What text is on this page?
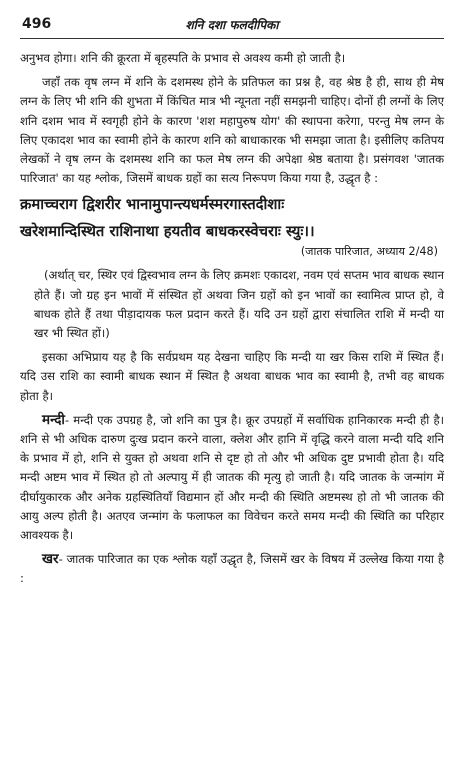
496	शनि दशा फलदीपिका

अनुभव होगा। शनि की क्रूरता में बृहस्पति के प्रभाव से अवश्य कमी हो जाती है।

जहाँ तक वृष लग्न में शनि के दशमस्थ होने के प्रतिफल का प्रश्न है, वह श्रेष्ठ है ही, साथ ही मेष लग्न के लिए भी शनि की शुभता में किंचित मात्र भी न्यूनता नहीं समझनी चाहिए। दोनों ही लग्नों के लिए शनि दशम भाव में स्वगृही होने के कारण 'शश महापुरुष योग' की स्थापना करेगा, परन्तु मेष लग्न के लिए एकादश भाव का स्वामी होने के कारण शनि को बाधाकारक भी समझा जाता है। इसीलिए कतिपय लेखकों ने वृष लग्न के दशमस्थ शनि का फल मेष लग्न की अपेक्षा श्रेष्ठ बताया है। प्रसंगवश 'जातक पारिजात' का यह श्लोक, जिसमें बाधक ग्रहों का सत्य निरूपण किया गया है, उद्धृत है :

क्रमाच्चराग द्विशरीर भानामुपान्त्यधर्मस्मरगास्तदीशाः
खरेशमान्दिस्थित राशिनाथा हयतीव बाधकरस्वेचराः स्युः।।
(जातक पारिजात, अध्याय 2/48)

(अर्थात् चर, स्थिर एवं द्विस्वभाव लग्न के लिए क्रमशः एकादश, नवम एवं सप्तम भाव बाधक स्थान होते हैं। जो ग्रह इन भावों में संस्थित हों अथवा जिन ग्रहों को इन भावों का स्वामित्व प्राप्त हो, वे बाधक होते हैं तथा पीड़ादायक फल प्रदान करते हैं। यदि उन ग्रहों द्वारा संचालित राशि में मन्दी या खर भी स्थित हों।)

इसका अभिप्राय यह है कि सर्वप्रथम यह देखना चाहिए कि मन्दी या खर किस राशि में स्थित हैं। यदि उस राशि का स्वामी बाधक स्थान में स्थित है अथवा बाधक भाव का स्वामी है, तभी वह बाधक होता है।

मन्दी- मन्दी एक उपग्रह है, जो शनि का पुत्र है। क्रूर उपग्रहों में सर्वाधिक हानिकारक मन्दी ही है। शनि से भी अधिक दारुण दुःख प्रदान करने वाला, क्लेश और हानि में वृद्धि करने वाला मन्दी यदि शनि के प्रभाव में हो, शनि से युक्त हो अथवा शनि से दृष्ट हो तो और भी अधिक दुष्ट प्रभावी होता है। यदि मन्दी अष्टम भाव में स्थित हो तो अल्पायु में ही जातक की मृत्यु हो जाती है। यदि जातक के जन्मांग में दीर्घायुकारक और अनेक ग्रहस्थितियाँ विद्यमान हों और मन्दी की स्थिति अष्टमस्थ हो तो भी जातक की आयु अल्प होती है। अतएव जन्मांग के फलाफल का विवेचन करते समय मन्दी की स्थिति का परिहार आवश्यक है।

खर- जातक पारिजात का एक श्लोक यहाँ उद्धृत है, जिसमें खर के विषय में उल्लेख किया गया है :
